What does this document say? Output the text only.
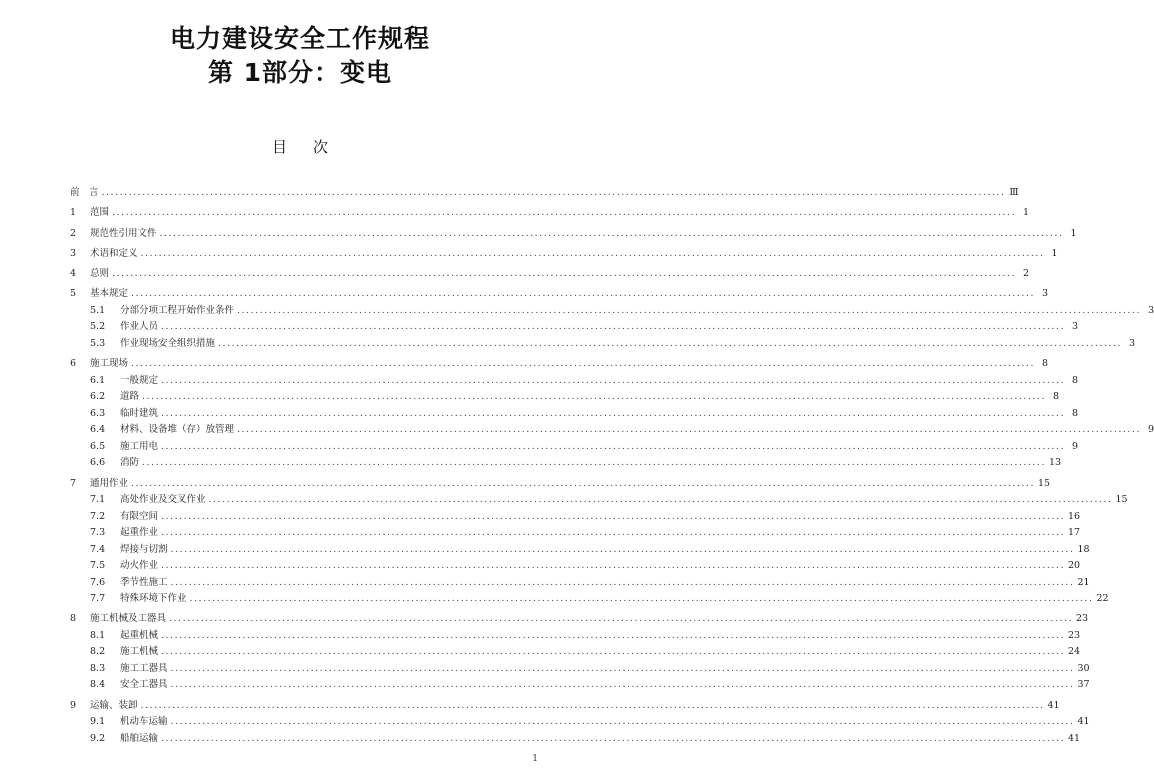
电力建设安全工作规程
第 1部分：变电
目次
前　言 ........................................................................................................................................................................................................ Ⅲ
1	范围 ........................................................................................................................................................................................................ 1
2	规范性引用文件 ........................................................................................................................................................................................................ 1
3	术语和定义 ........................................................................................................................................................................................................ 1
4	总则 ........................................................................................................................................................................................................ 2
5	基本规定 ........................................................................................................................................................................................................ 3
5.1	分部分项工程开始作业条件 ........................................................................................................................................................................................................ 3
5.2	作业人员 ........................................................................................................................................................................................................ 3
5.3	作业现场安全组织措施 ........................................................................................................................................................................................................ 3
6	施工现场 ........................................................................................................................................................................................................ 8
6.1	一般规定 ........................................................................................................................................................................................................ 8
6.2	道路 ........................................................................................................................................................................................................ 8
6.3	临时建筑 ........................................................................................................................................................................................................ 8
6.4	材料、设备堆（存）放管理 ........................................................................................................................................................................................................ 9
6.5	施工用电 ........................................................................................................................................................................................................ 9
6.6	消防 ........................................................................................................................................................................................................ 13
7	通用作业 ........................................................................................................................................................................................................ 15
7.1	高处作业及交叉作业 ........................................................................................................................................................................................................ 15
7.2	有限空间 ........................................................................................................................................................................................................ 16
7.3	起重作业 ........................................................................................................................................................................................................ 17
7.4	焊接与切割 ........................................................................................................................................................................................................ 18
7.5	动火作业 ........................................................................................................................................................................................................ 20
7.6	季节性施工 ........................................................................................................................................................................................................ 21
7.7	特殊环境下作业 ........................................................................................................................................................................................................ 22
8	施工机械及工器具 ........................................................................................................................................................................................................ 23
8.1	起重机械 ........................................................................................................................................................................................................ 23
8.2	施工机械 ........................................................................................................................................................................................................ 24
8.3	施工工器具 ........................................................................................................................................................................................................ 30
8.4	安全工器具 ........................................................................................................................................................................................................ 37
9	运输、装卸 ........................................................................................................................................................................................................ 41
9.1	机动车运输 ........................................................................................................................................................................................................ 41
9.2	船舶运输 ........................................................................................................................................................................................................ 41
1
